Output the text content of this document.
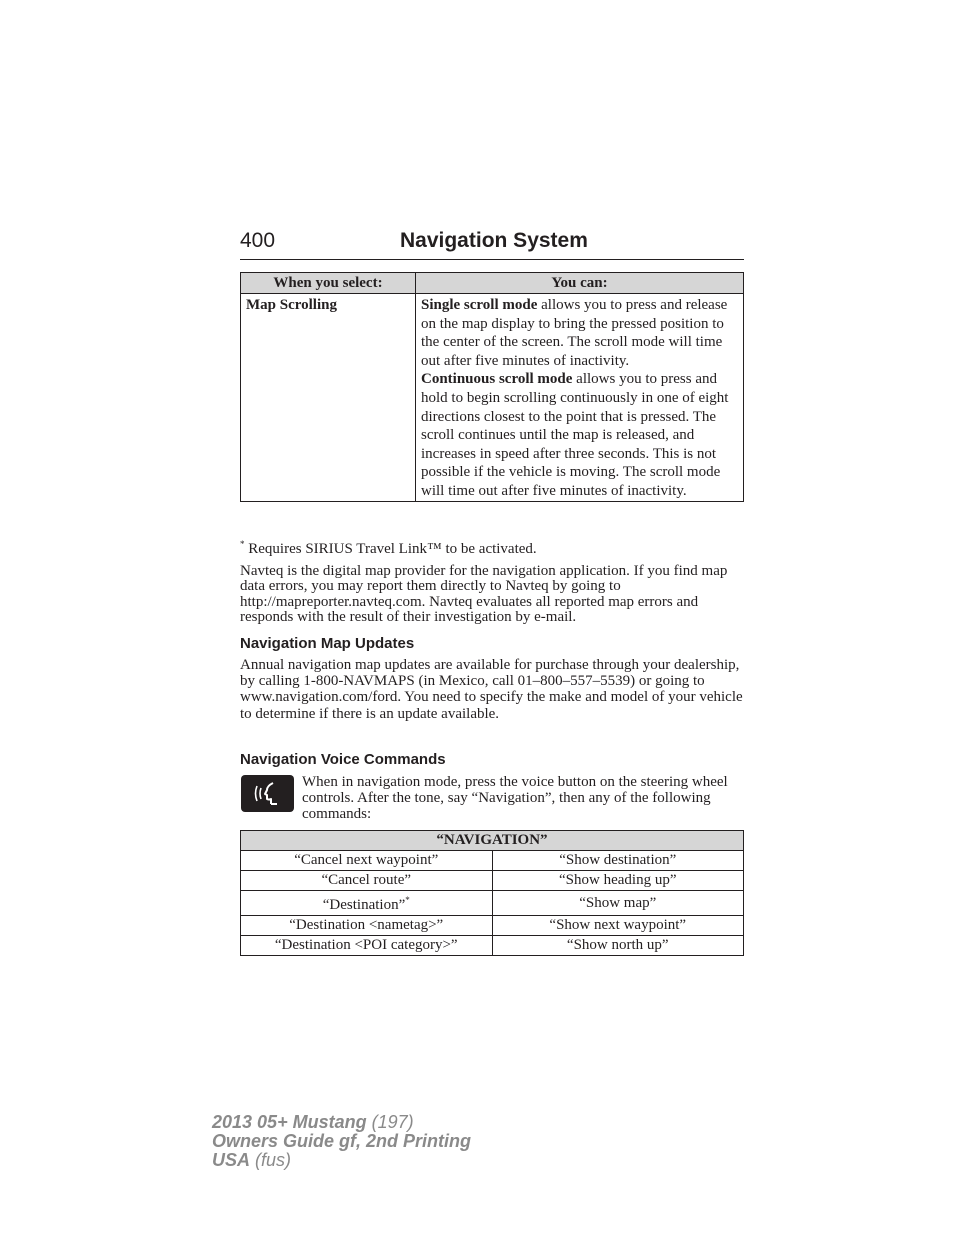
400	Navigation System
When you select:	You can:
Map Scrolling	Single scroll mode allows you to press and release on the map display to bring the pressed position to the center of the screen. The scroll mode will time out after five minutes of inactivity.

Continuous scroll mode allows you to press and hold to begin scrolling continuously in one of eight directions closest to the point that is pressed. The scroll continues until the map is released, and increases in speed after three seconds. This is not possible if the vehicle is moving. The scroll mode will time out after five minutes of inactivity.

* Requires SIRIUS Travel Link™ to be activated.

Navteq is the digital map provider for the navigation application. If you find map data errors, you may report them directly to Navteq by going to http://mapreporter.navteq.com. Navteq evaluates all reported map errors and responds with the result of their investigation by e-mail.

Navigation Map Updates

Annual navigation map updates are available for purchase through your dealership, by calling 1-800-NAVMAPS (in Mexico, call 01–800–557–5539) or going to www.navigation.com/ford. You need to specify the make and model of your vehicle to determine if there is an update available.

Navigation Voice Commands

When in navigation mode, press the voice button on the steering wheel controls. After the tone, say “Navigation”, then any of the following commands:

“NAVIGATION”	
“Cancel next waypoint”	“Show destination”
“Cancel route”	“Show heading up”
“Destination”*	“Show map”
“Destination <nametag>”	“Show next waypoint”
“Destination <POI category>”	“Show north up”
2013 05+ Mustang (197)
Owners Guide gf, 2nd Printing
USA (fus)
